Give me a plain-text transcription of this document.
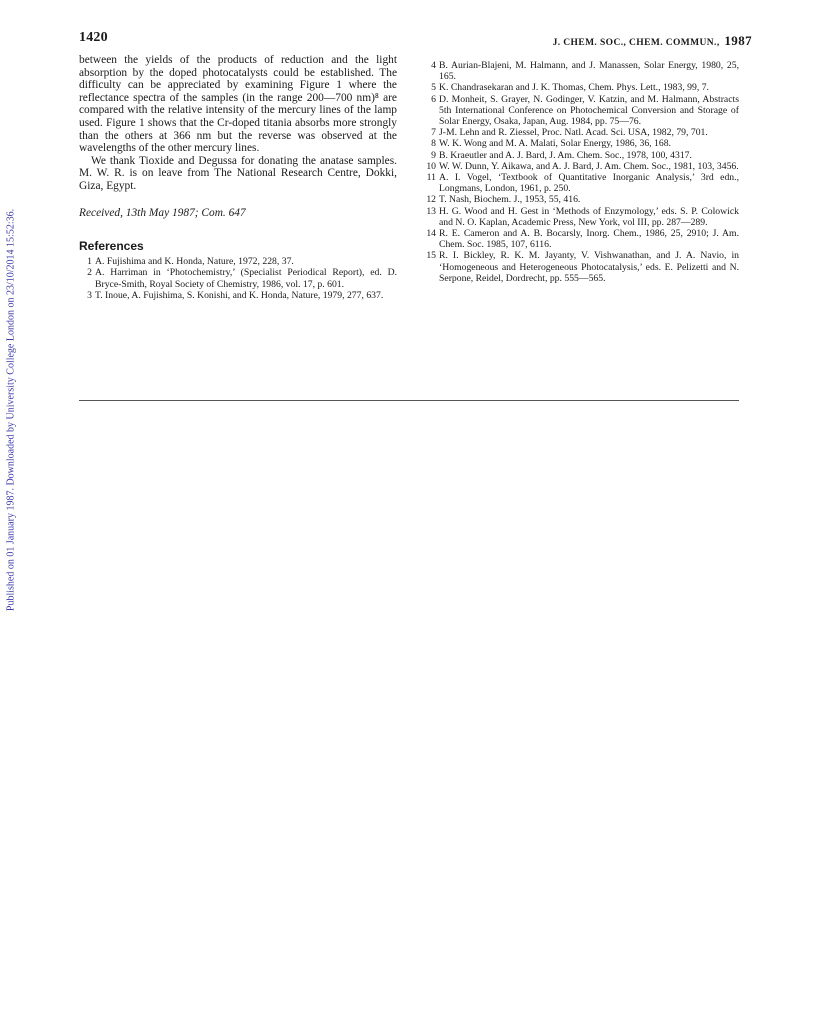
Published on 01 January 1987. Downloaded by University College London on 23/10/2014 15:52:36.
1420	J. CHEM. SOC., CHEM. COMMUN., 1987

between the yields of the products of reduction and the light absorption by the doped photocatalysts could be established. The difficulty can be appreciated by examining Figure 1 where the reflectance spectra of the samples (in the range 200—700 nm)⁸ are compared with the relative intensity of the mercury lines of the lamp used. Figure 1 shows that the Cr-doped titania absorbs more strongly than the others at 366 nm but the reverse was observed at the wavelengths of the other mercury lines.

We thank Tioxide and Degussa for donating the anatase samples. M. W. R. is on leave from The National Research Centre, Dokki, Giza, Egypt.

Received, 13th May 1987; Com. 647
References
1 A. Fujishima and K. Honda, Nature, 1972, 228, 37.
2 A. Harriman in ‘Photochemistry,’ (Specialist Periodical Report), ed. D. Bryce-Smith, Royal Society of Chemistry, 1986, vol. 17, p. 601.
3 T. Inoue, A. Fujishima, S. Konishi, and K. Honda, Nature, 1979, 277, 637.
4 B. Aurian-Blajeni, M. Halmann, and J. Manassen, Solar Energy, 1980, 25, 165.
5 K. Chandrasekaran and J. K. Thomas, Chem. Phys. Lett., 1983, 99, 7.
6 D. Monheit, S. Grayer, N. Godinger, V. Katzin, and M. Halmann, Abstracts 5th International Conference on Photochemical Conversion and Storage of Solar Energy, Osaka, Japan, Aug. 1984, pp. 75—76.
7 J-M. Lehn and R. Ziessel, Proc. Natl. Acad. Sci. USA, 1982, 79, 701.
8 W. K. Wong and M. A. Malati, Solar Energy, 1986, 36, 168.
9 B. Kraeutler and A. J. Bard, J. Am. Chem. Soc., 1978, 100, 4317.
10 W. W. Dunn, Y. Aikawa, and A. J. Bard, J. Am. Chem. Soc., 1981, 103, 3456.
11 A. I. Vogel, ‘Textbook of Quantitative Inorganic Analysis,’ 3rd edn., Longmans, London, 1961, p. 250.
12 T. Nash, Biochem. J., 1953, 55, 416.
13 H. G. Wood and H. Gest in ‘Methods of Enzymology,’ eds. S. P. Colowick and N. O. Kaplan, Academic Press, New York, vol III, pp. 287—289.
14 R. E. Cameron and A. B. Bocarsly, Inorg. Chem., 1986, 25, 2910; J. Am. Chem. Soc. 1985, 107, 6116.
15 R. I. Bickley, R. K. M. Jayanty, V. Vishwanathan, and J. A. Navio, in ‘Homogeneous and Heterogeneous Photocatalysis,’ eds. E. Pelizetti and N. Serpone, Reidel, Dordrecht, pp. 555—565.
